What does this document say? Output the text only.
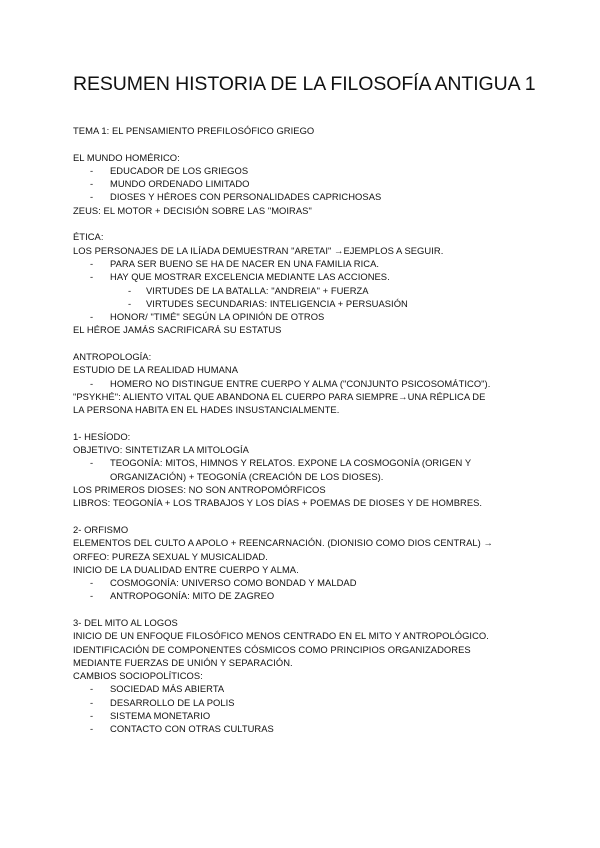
RESUMEN HISTORIA DE LA FILOSOFÍA ANTIGUA 1
TEMA 1: EL PENSAMIENTO PREFILOSÓFICO GRIEGO
EL MUNDO HOMÉRICO:
- EDUCADOR DE LOS GRIEGOS
- MUNDO ORDENADO LIMITADO
- DIOSES Y HÉROES CON PERSONALIDADES CAPRICHOSAS
ZEUS: EL MOTOR + DECISIÓN SOBRE LAS "MOIRAS"
ÉTICA:
LOS PERSONAJES DE LA ILÍADA DEMUESTRAN "ARETAI" →EJEMPLOS A SEGUIR.
- PARA SER BUENO SE HA DE NACER EN UNA FAMILIA RICA.
- HAY QUE MOSTRAR EXCELENCIA MEDIANTE LAS ACCIONES.
- VIRTUDES DE LA BATALLA: "ANDREIA" + FUERZA
- VIRTUDES SECUNDARIAS: INTELIGENCIA + PERSUASIÓN
- HONOR/ "TIMÉ" SEGÚN LA OPINIÓN DE OTROS
EL HÉROE JAMÁS SACRIFICARÁ SU ESTATUS
ANTROPOLOGÍA:
ESTUDIO DE LA REALIDAD HUMANA
- HOMERO NO DISTINGUE ENTRE CUERPO Y ALMA ("CONJUNTO PSICOSOMÁTICO").
"PSYKHÉ": ALIENTO VITAL QUE ABANDONA EL CUERPO PARA SIEMPRE→UNA RÉPLICA DE
LA PERSONA HABITA EN EL HADES INSUSTANCIALMENTE.
1- HESÍODO:
OBJETIVO: SINTETIZAR LA MITOLOGÍA
- TEOGONÍA: MITOS, HIMNOS Y RELATOS. EXPONE LA COSMOGONÍA (ORIGEN Y
ORGANIZACIÓN) + TEOGONÍA (CREACIÓN DE LOS DIOSES).
LOS PRIMEROS DIOSES: NO SON ANTROPOMÓRFICOS
LIBROS: TEOGONÍA + LOS TRABAJOS Y LOS DÍAS + POEMAS DE DIOSES Y DE HOMBRES.
2- ORFISMO
ELEMENTOS DEL CULTO A APOLO + REENCARNACIÓN. (DIONISIO COMO DIOS CENTRAL) →
ORFEO: PUREZA SEXUAL Y MUSICALIDAD.
INICIO DE LA DUALIDAD ENTRE CUERPO Y ALMA.
- COSMOGONÍA: UNIVERSO COMO BONDAD Y MALDAD
- ANTROPOGONÍA: MITO DE ZAGREO
3- DEL MITO AL LOGOS
INICIO DE UN ENFOQUE FILOSÓFICO MENOS CENTRADO EN EL MITO Y ANTROPOLÓGICO.
IDENTIFICACIÓN DE COMPONENTES CÓSMICOS COMO PRINCIPIOS ORGANIZADORES
MEDIANTE FUERZAS DE UNIÓN Y SEPARACIÓN.
CAMBIOS SOCIOPOLÍTICOS:
- SOCIEDAD MÁS ABIERTA
- DESARROLLO DE LA POLIS
- SISTEMA MONETARIO
- CONTACTO CON OTRAS CULTURAS
